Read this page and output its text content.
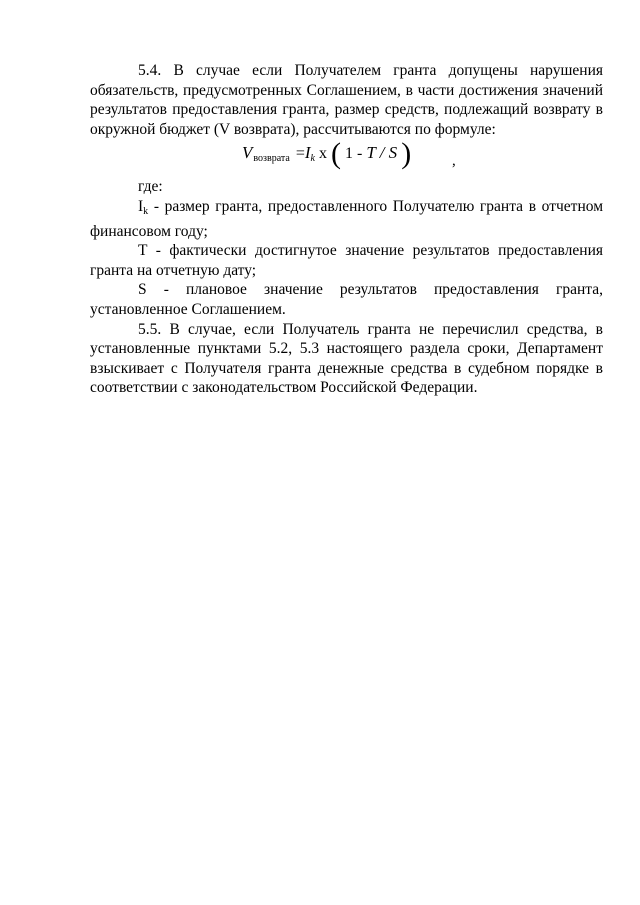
5.4. В случае если Получателем гранта допущены нарушения обязательств, предусмотренных Соглашением, в части достижения значений результатов предоставления гранта, размер средств, подлежащий возврату в окружной бюджет (V возврата), рассчитываются по формуле:

Vвозврата =Ik x ( 1 - T / S )	,

где:

Ik - размер гранта, предоставленного Получателю гранта в отчетном финансовом году;

T - фактически достигнутое значение результатов предоставления гранта на отчетную дату;

S - плановое значение результатов предоставления гранта, установленное Соглашением.

5.5. В случае, если Получатель гранта не перечислил средства, в установленные пунктами 5.2, 5.3 настоящего раздела сроки, Департамент взыскивает с Получателя гранта денежные средства в судебном порядке в соответствии с законодательством Российской Федерации.
